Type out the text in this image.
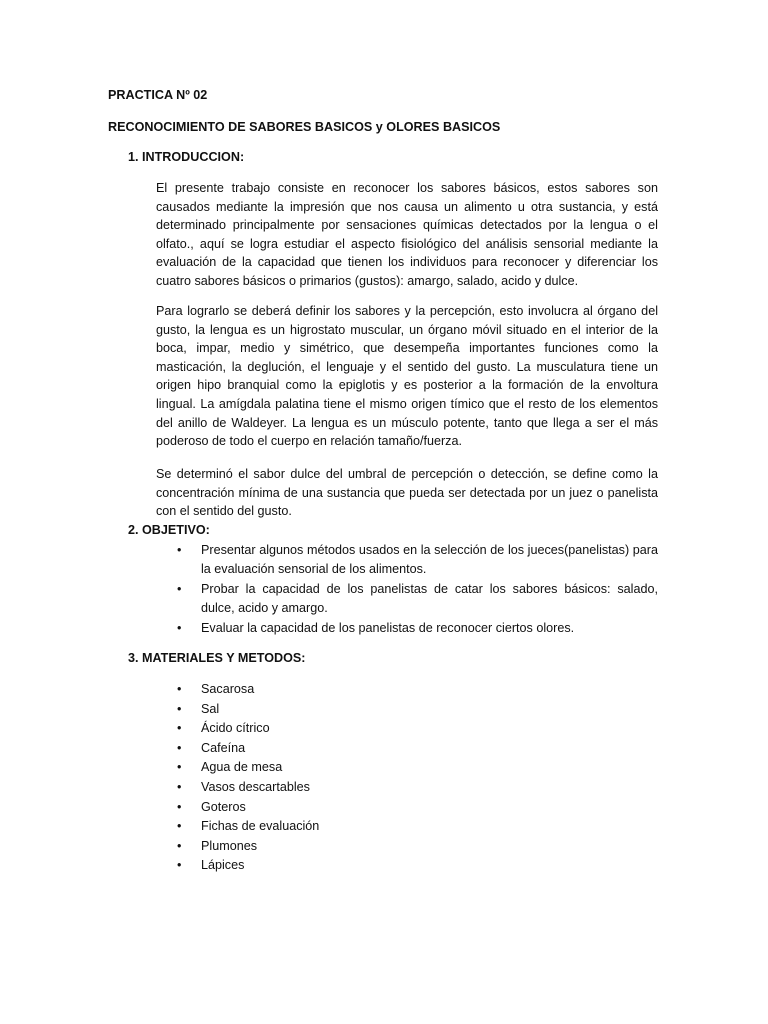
PRACTICA Nº 02
RECONOCIMIENTO DE SABORES BASICOS y OLORES BASICOS
1. INTRODUCCION:

El presente trabajo consiste en reconocer los sabores básicos, estos sabores son causados mediante la impresión que nos causa un alimento u otra sustancia, y está determinado principalmente por sensaciones químicas detectados por la lengua o el olfato., aquí se logra estudiar el aspecto fisiológico del análisis sensorial mediante la evaluación de la capacidad que tienen los individuos para reconocer y diferenciar los cuatro sabores básicos o primarios (gustos): amargo, salado, acido y dulce.

Para lograrlo se deberá definir los sabores y la percepción, esto involucra al órgano del gusto, la lengua es un higrostato muscular, un órgano móvil situado en el interior de la boca, impar, medio y simétrico, que desempeña importantes funciones como la masticación, la deglución, el lenguaje y el sentido del gusto. La musculatura tiene un origen hipo branquial como la epiglotis y es posterior a la formación de la envoltura lingual. La amígdala palatina tiene el mismo origen tímico que el resto de los elementos del anillo de Waldeyer. La lengua es un músculo potente, tanto que llega a ser el más poderoso de todo el cuerpo en relación tamaño/fuerza.

Se determinó el sabor dulce del umbral de percepción o detección, se define como la concentración mínima de una sustancia que pueda ser detectada por un juez o panelista con el sentido del gusto.

2. OBJETIVO:
• Presentar algunos métodos usados en la selección de los jueces(panelistas) para la evaluación sensorial de los alimentos.
• Probar la capacidad de los panelistas de catar los sabores básicos: salado, dulce, acido y amargo.
• Evaluar la capacidad de los panelistas de reconocer ciertos olores.
3. MATERIALES Y METODOS:
• Sacarosa
• Sal
• Ácido cítrico
• Cafeína
• Agua de mesa
• Vasos descartables
• Goteros
• Fichas de evaluación
• Plumones
• Lápices
